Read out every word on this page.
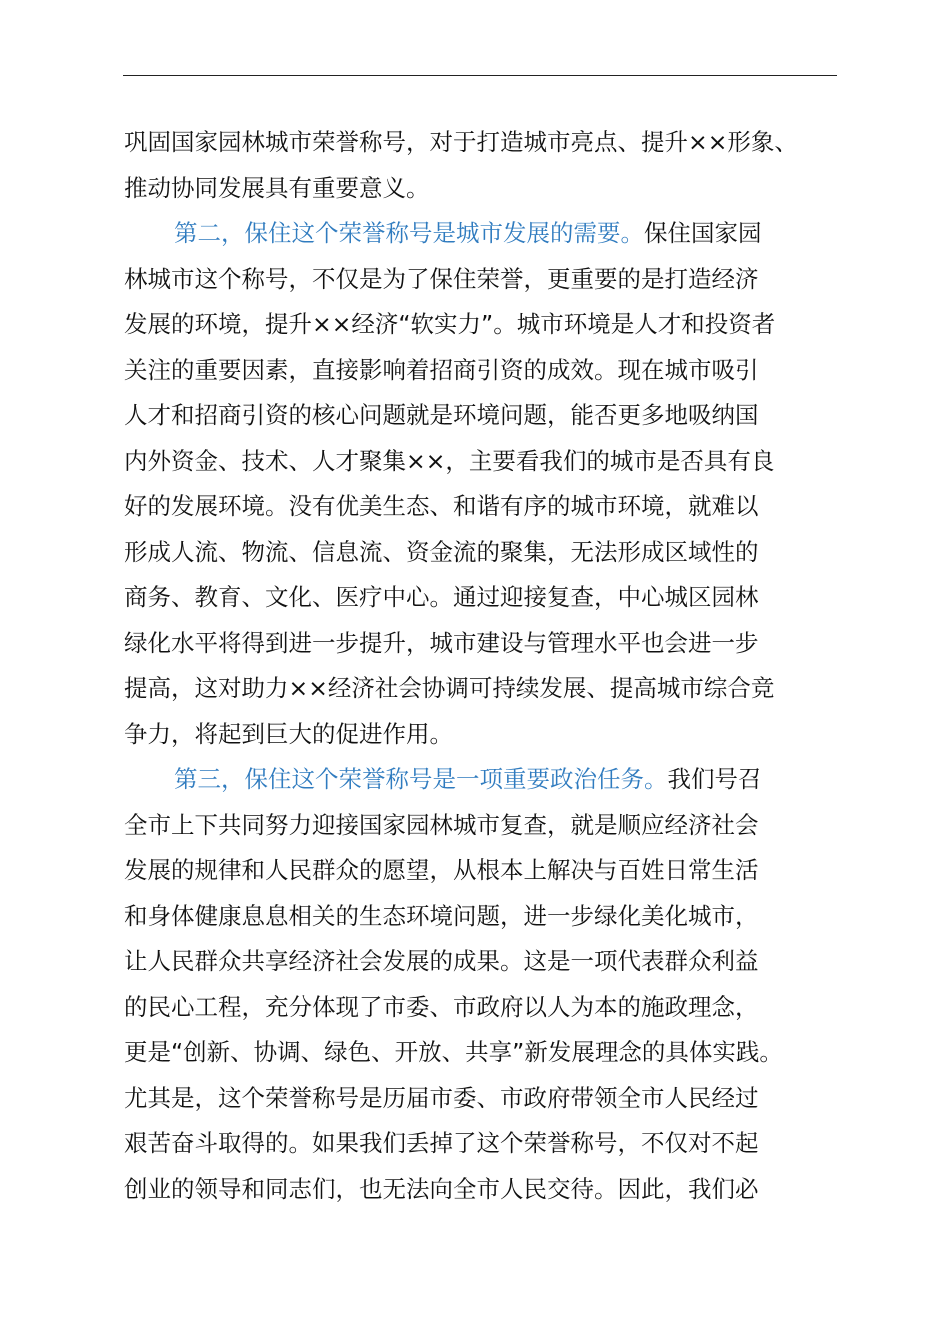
巩固国家园林城市荣誉称号，对于打造城市亮点、提升××形象、
推动协同发展具有重要意义。
第二，保住这个荣誉称号是城市发展的需要。保住国家园
林城市这个称号，不仅是为了保住荣誉，更重要的是打造经济
发展的环境，提升××经济“软实力”。城市环境是人才和投资者
关注的重要因素，直接影响着招商引资的成效。现在城市吸引
人才和招商引资的核心问题就是环境问题，能否更多地吸纳国
内外资金、技术、人才聚集××，主要看我们的城市是否具有良
好的发展环境。没有优美生态、和谐有序的城市环境，就难以
形成人流、物流、信息流、资金流的聚集，无法形成区域性的
商务、教育、文化、医疗中心。通过迎接复查，中心城区园林
绿化水平将得到进一步提升，城市建设与管理水平也会进一步
提高，这对助力××经济社会协调可持续发展、提高城市综合竞
争力，将起到巨大的促进作用。
第三，保住这个荣誉称号是一项重要政治任务。我们号召
全市上下共同努力迎接国家园林城市复查，就是顺应经济社会
发展的规律和人民群众的愿望，从根本上解决与百姓日常生活
和身体健康息息相关的生态环境问题，进一步绿化美化城市，
让人民群众共享经济社会发展的成果。这是一项代表群众利益
的民心工程，充分体现了市委、市政府以人为本的施政理念，
更是“创新、协调、绿色、开放、共享”新发展理念的具体实践。
尤其是，这个荣誉称号是历届市委、市政府带领全市人民经过
艰苦奋斗取得的。如果我们丢掉了这个荣誉称号，不仅对不起
创业的领导和同志们，也无法向全市人民交待。因此，我们必
